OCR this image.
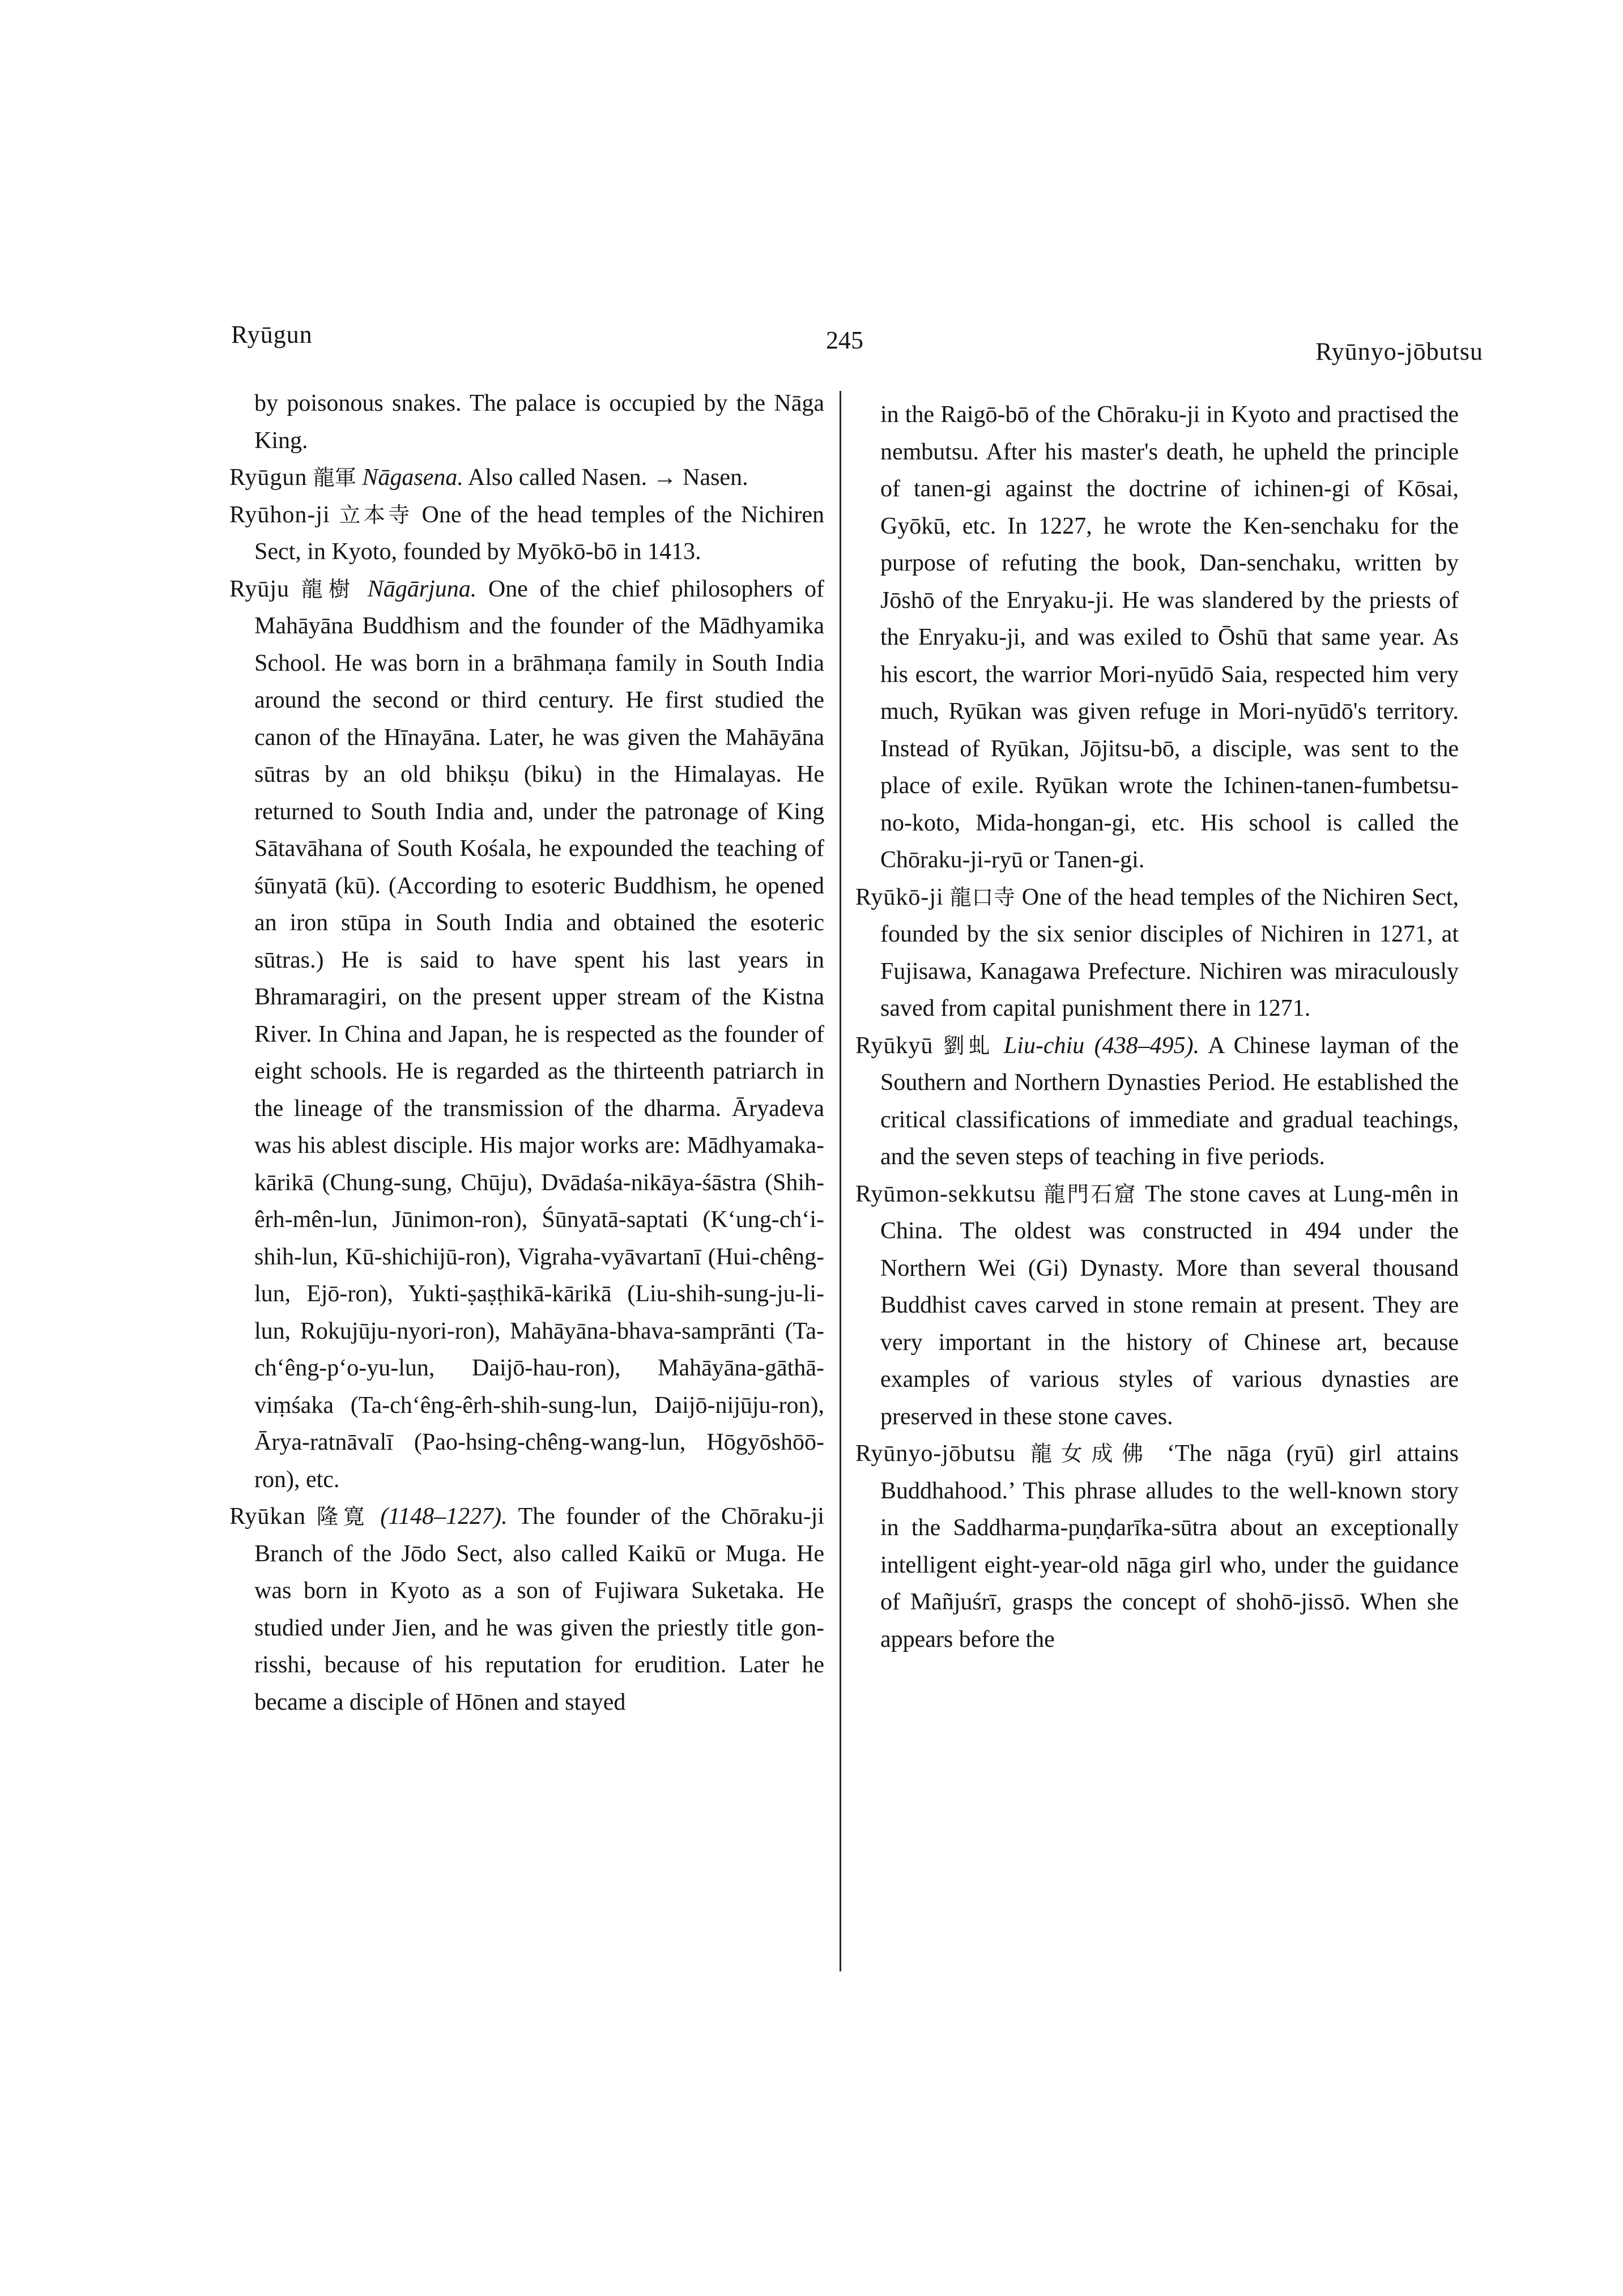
Ryūgun	245	Ryūnyo-jōbutsu

by poisonous snakes. The palace is occupied by the Nāga King.

Ryūgun 龍軍 Nāgasena. Also called Nasen. → Nasen.

Ryūhon-ji 立本寺 One of the head temples of the Nichiren Sect, in Kyoto, founded by Myōkō-bō in 1413.

Ryūju 龍樹 Nāgārjuna. One of the chief philosophers of Mahāyāna Buddhism and the founder of the Mādhyamika School. He was born in a brāhmaṇa family in South India around the second or third century. He first studied the canon of the Hīnayāna. Later, he was given the Mahāyāna sūtras by an old bhikṣu (biku) in the Himalayas. He returned to South India and, under the patronage of King Sātavāhana of South Kośala, he expounded the teaching of śūnyatā (kū). (According to esoteric Buddhism, he opened an iron stūpa in South India and obtained the esoteric sūtras.) He is said to have spent his last years in Bhramaragiri, on the present upper stream of the Kistna River. In China and Japan, he is respected as the founder of eight schools. He is regarded as the thirteenth patriarch in the lineage of the transmission of the dharma. Āryadeva was his ablest disciple. His major works are: Mādhyamaka-kārikā (Chung-sung, Chūju), Dvādaśa-nikāya-śāstra (Shih-êrh-mên-lun, Jūnimon-ron), Śūnyatā-saptati (K‘ung-ch‘i-shih-lun, Kū-shichijū-ron), Vigraha-vyāvartanī (Hui-chêng-lun, Ejō-ron), Yukti-ṣaṣṭhikā-kārikā (Liu-shih-sung-ju-li-lun, Rokujūju-nyori-ron), Mahāyāna-bhava-samprānti (Ta-ch‘êng-p‘o-yu-lun, Daijō-hau-ron), Mahāyāna-gāthā-viṃśaka (Ta-ch‘êng-êrh-shih-sung-lun, Daijō-nijūju-ron), Ārya-ratnāvalī (Pao-hsing-chêng-wang-lun, Hōgyōshōō-ron), etc.

Ryūkan 隆寛 (1148–1227). The founder of the Chōraku-ji Branch of the Jōdo Sect, also called Kaikū or Muga. He was born in Kyoto as a son of Fujiwara Suketaka. He studied under Jien, and he was given the priestly title gon-risshi, because of his reputation for erudition. Later he became a disciple of Hōnen and stayed

in the Raigō-bō of the Chōraku-ji in Kyoto and practised the nembutsu. After his master's death, he upheld the principle of tanen-gi against the doctrine of ichinen-gi of Kōsai, Gyōkū, etc. In 1227, he wrote the Ken-senchaku for the purpose of refuting the book, Dan-senchaku, written by Jōshō of the Enryaku-ji. He was slandered by the priests of the Enryaku-ji, and was exiled to Ōshū that same year. As his escort, the warrior Mori-nyūdō Saia, respected him very much, Ryūkan was given refuge in Mori-nyūdō's territory. Instead of Ryūkan, Jōjitsu-bō, a disciple, was sent to the place of exile. Ryūkan wrote the Ichinen-tanen-fumbetsu-no-koto, Mida-hongan-gi, etc. His school is called the Chōraku-ji-ryū or Tanen-gi.

Ryūkō-ji 龍口寺 One of the head temples of the Nichiren Sect, founded by the six senior disciples of Nichiren in 1271, at Fujisawa, Kanagawa Prefecture. Nichiren was miraculously saved from capital punishment there in 1271.

Ryūkyū 劉虬 Liu-chiu (438–495). A Chinese layman of the Southern and Northern Dynasties Period. He established the critical classifications of immediate and gradual teachings, and the seven steps of teaching in five periods.

Ryūmon-sekkutsu 龍門石窟 The stone caves at Lung-mên in China. The oldest was constructed in 494 under the Northern Wei (Gi) Dynasty. More than several thousand Buddhist caves carved in stone remain at present. They are very important in the history of Chinese art, because examples of various styles of various dynasties are preserved in these stone caves.

Ryūnyo-jōbutsu 龍女成佛 ‘The nāga (ryū) girl attains Buddhahood.’ This phrase alludes to the well-known story in the Saddharma-puṇḍarīka-sūtra about an exceptionally intelligent eight-year-old nāga girl who, under the guidance of Mañjuśrī, grasps the concept of shohō-jissō. When she appears before the
